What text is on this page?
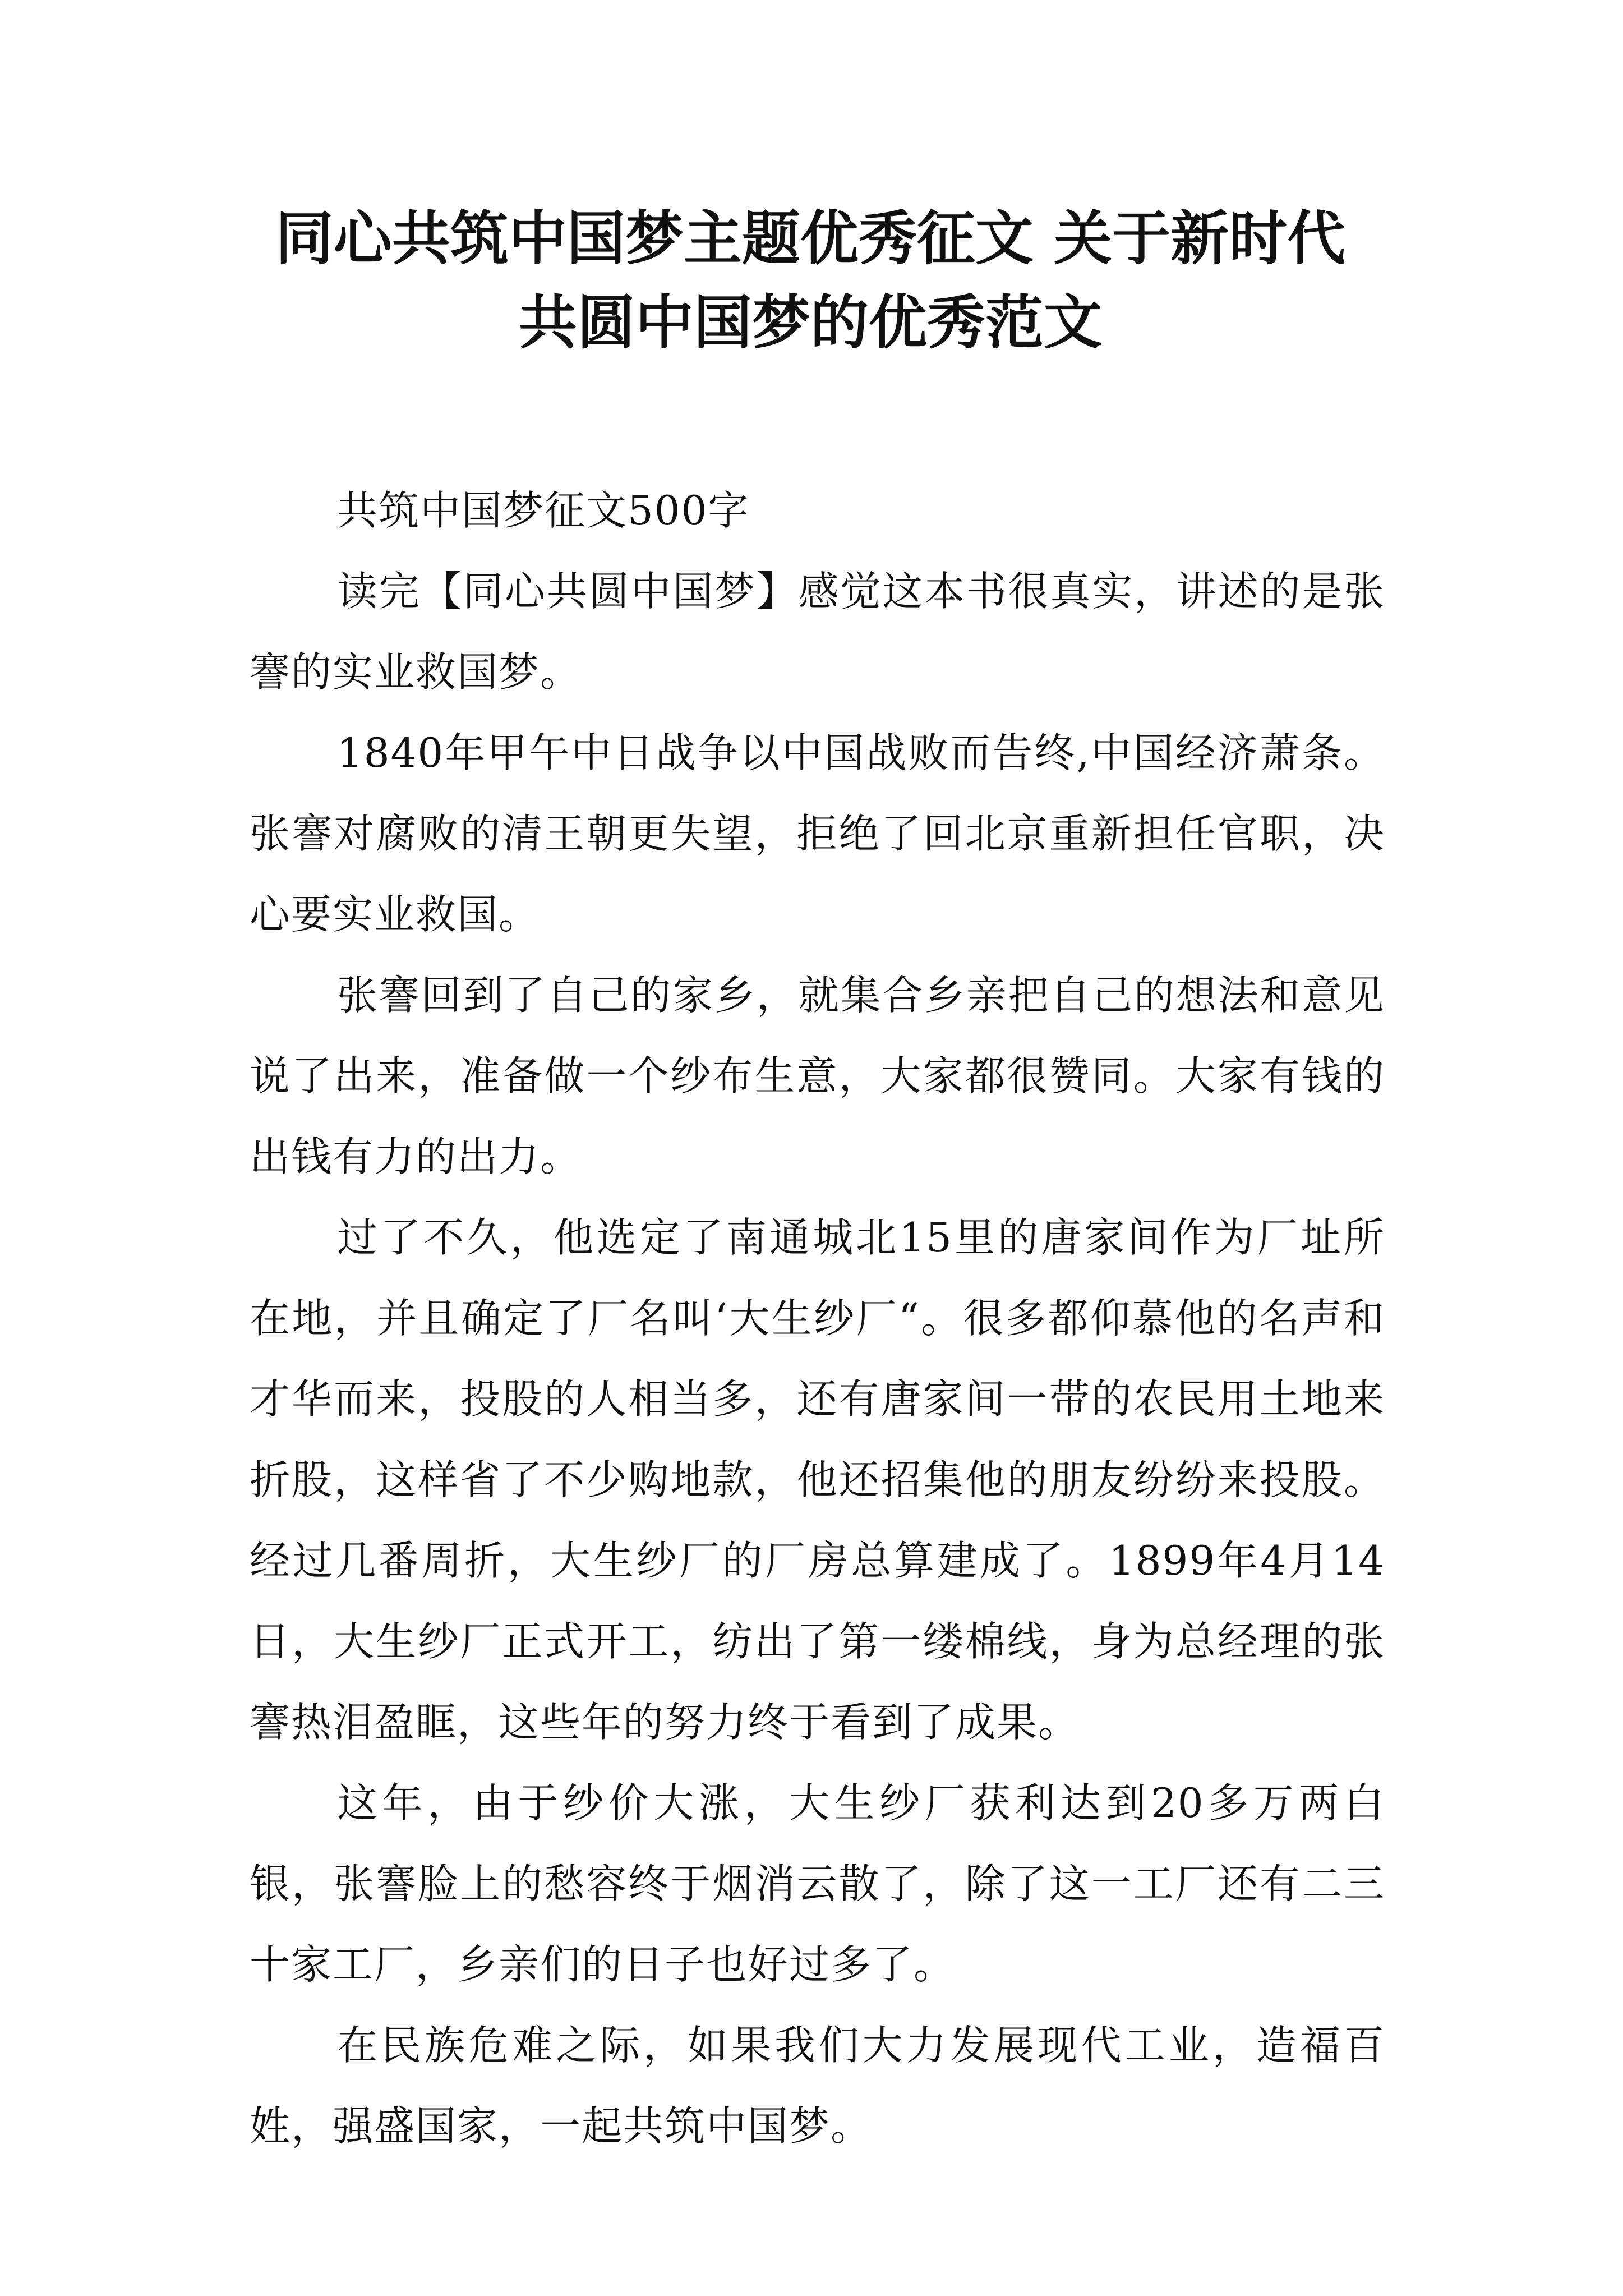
同心共筑中国梦主题优秀征文 关于新时代
共圆中国梦的优秀范文

共筑中国梦征文500字

读完【同心共圆中国梦】感觉这本书很真实，讲述的是张謇的实业救国梦。

1840年甲午中日战争以中国战败而告终,中国经济萧条。张謇对腐败的清王朝更失望，拒绝了回北京重新担任官职，决心要实业救国。

张謇回到了自己的家乡，就集合乡亲把自己的想法和意见说了出来，准备做一个纱布生意，大家都很赞同。大家有钱的出钱有力的出力。

过了不久，他选定了南通城北15里的唐家间作为厂址所在地，并且确定了厂名叫‘大生纱厂“。很多都仰慕他的名声和才华而来，投股的人相当多，还有唐家间一带的农民用土地来折股，这样省了不少购地款，他还招集他的朋友纷纷来投股。经过几番周折，大生纱厂的厂房总算建成了。1899年4月14日，大生纱厂正式开工，纺出了第一缕棉线，身为总经理的张謇热泪盈眶，这些年的努力终于看到了成果。

这年，由于纱价大涨，大生纱厂获利达到20多万两白银，张謇脸上的愁容终于烟消云散了，除了这一工厂还有二三十家工厂，乡亲们的日子也好过多了。

在民族危难之际，如果我们大力发展现代工业，造福百姓，强盛国家，一起共筑中国梦。
